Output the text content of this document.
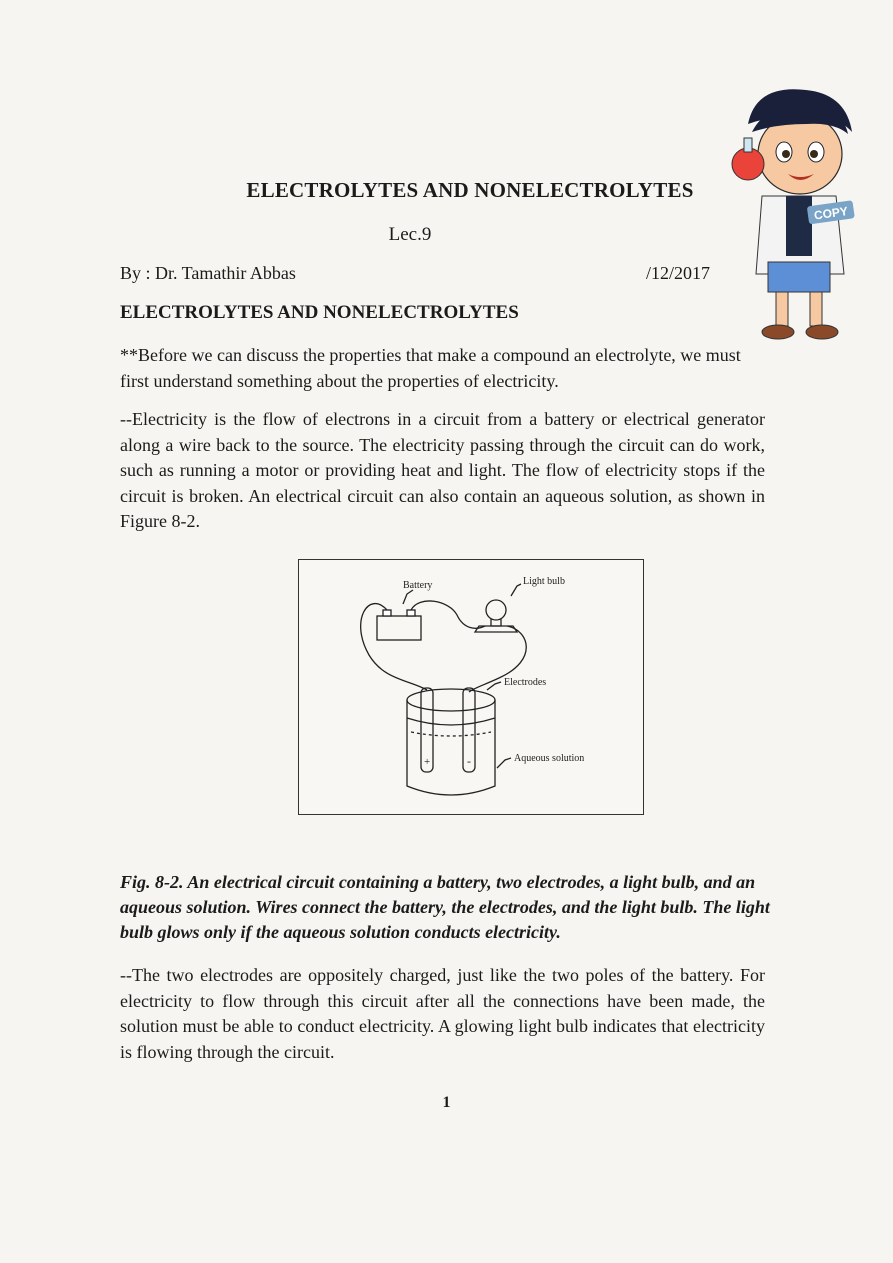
ELECTROLYTES AND NONELECTROLYTES

Lec.9

By : Dr. Tamathir Abbas	/12/2017
ELECTROLYTES AND NONELECTROLYTES

**Before we can discuss the properties that make a compound an electrolyte, we must first understand something about the properties of electricity.

--Electricity is the flow of electrons in a circuit from a battery or electrical generator along a wire back to the source. The electricity passing through the circuit can do work, such as running a motor or providing heat and light. The flow of electricity stops if the circuit is broken. An electrical circuit can also contain an aqueous solution, as shown in Figure 8-2.

Battery	Light bulb
Electrodes
Aqueous solution
+	-

Fig. 8-2. An electrical circuit containing a battery, two electrodes, a light bulb, and an aqueous solution. Wires connect the battery, the electrodes, and the light bulb. The light bulb glows only if the aqueous solution conducts electricity.

--The two electrodes are oppositely charged, just like the two poles of the battery. For electricity to flow through this circuit after all the connections have been made, the solution must be able to conduct electricity. A glowing light bulb indicates that electricity is flowing through the circuit.

1
COPY
